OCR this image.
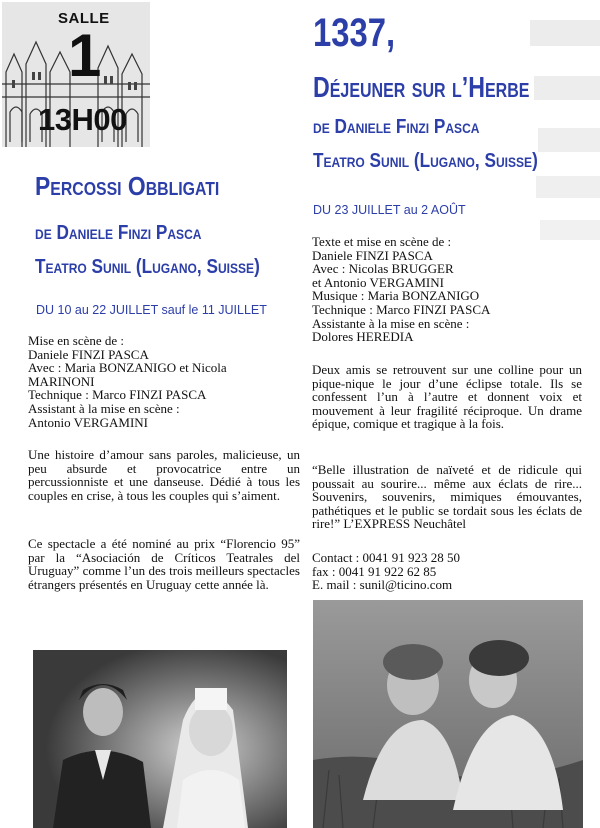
SALLE
1
13H00
Percossi Obbligati
de Daniele Finzi Pasca
Teatro Sunil (Lugano, Suisse)
DU 10 au 22 JUILLET sauf le 11 JUILLET
Mise en scène de :
Daniele FINZI PASCA
Avec : Maria BONZANIGO et Nicola
MARINONI
Technique : Marco FINZI PASCA
Assistant à la mise en scène :
Antonio VERGAMINI

Une histoire d’amour sans paroles, malicieuse, un peu absurde et provocatrice entre un percussionniste et une danseuse. Dédié à tous les couples en crise, à tous les couples qui s’aiment.

Ce spectacle a été nominé au prix “Florencio 95” par la “Asociación de Críticos Teatrales del Uruguay” comme l’un des trois meilleurs spectacles étrangers présentés en Uruguay cette année là.

1337,
Déjeuner sur l’Herbe
de Daniele Finzi Pasca
Teatro Sunil (Lugano, Suisse)
DU 23 JUILLET au 2 AOÛT
Texte et mise en scène de :
Daniele FINZI PASCA
Avec : Nicolas BRUGGER
et Antonio VERGAMINI
Musique : Maria BONZANIGO
Technique : Marco FINZI PASCA
Assistante à la mise en scène :
Dolores HEREDIA

Deux amis se retrouvent sur une colline pour un pique-nique le jour d’une éclipse totale. Ils se confessent l’un à l’autre et donnent voix et mouvement à leur fragilité réciproque. Un drame épique, comique et tragique à la fois.

“Belle illustration de naïveté et de ridicule qui poussait au sourire... même aux éclats de rire... Souvenirs, souvenirs, mimiques émouvantes, pathétiques et le public se tordait sous les éclats de rire!” L’EXPRESS Neuchâtel

Contact : 0041 91 923 28 50
fax : 0041 91 922 62 85
E. mail : sunil@ticino.com
